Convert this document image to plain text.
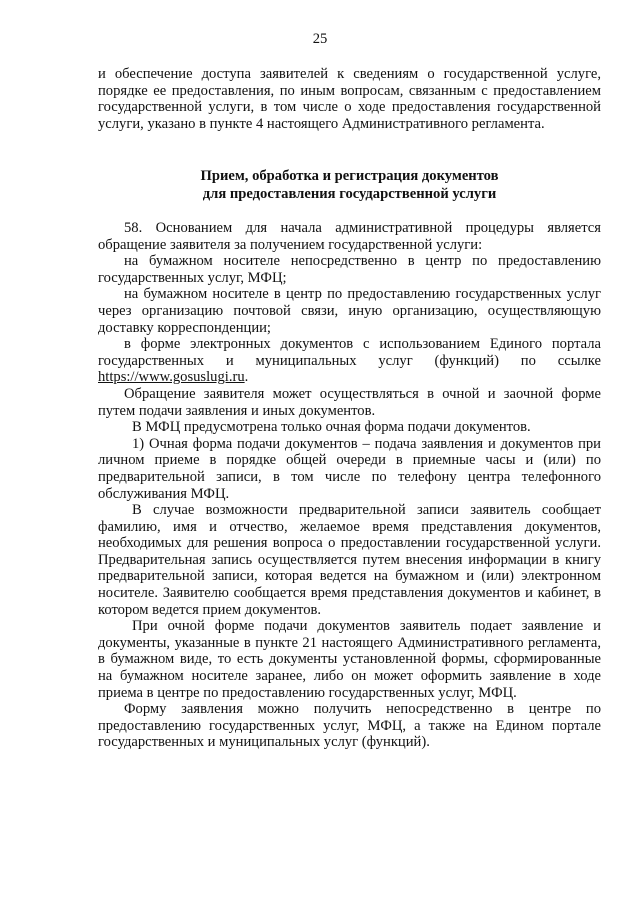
25

и обеспечение доступа заявителей к сведениям о государственной услуге, порядке ее предоставления, по иным вопросам, связанным с предоставлением государственной услуги, в том числе о ходе предоставления государственной услуги, указано в пункте 4 настоящего Административного регламента.

Прием, обработка и регистрация документов
для предоставления государственной услуги

58. Основанием для начала административной процедуры является обращение заявителя за получением государственной услуги:

на бумажном носителе непосредственно в центр по предоставлению государственных услуг, МФЦ;

на бумажном носителе в центр по предоставлению государственных услуг через организацию почтовой связи, иную организацию, осуществляющую доставку корреспонденции;

в форме электронных документов с использованием Единого портала государственных и муниципальных услуг (функций) по ссылке https://www.gosuslugi.ru.

Обращение заявителя может осуществляться в очной и заочной форме путем подачи заявления и иных документов.

В МФЦ предусмотрена только очная форма подачи документов.

1) Очная форма подачи документов – подача заявления и документов при личном приеме в порядке общей очереди в приемные часы и (или) по предварительной записи, в том числе по телефону центра телефонного обслуживания МФЦ.

В случае возможности предварительной записи заявитель сообщает фамилию, имя и отчество, желаемое время представления документов, необходимых для решения вопроса о предоставлении государственной услуги. Предварительная запись осуществляется путем внесения информации в книгу предварительной записи, которая ведется на бумажном и (или) электронном носителе. Заявителю сообщается время представления документов и кабинет, в котором ведется прием документов.

При очной форме подачи документов заявитель подает заявление и документы, указанные в пункте 21 настоящего Административного регламента, в бумажном виде, то есть документы установленной формы, сформированные на бумажном носителе заранее, либо он может оформить заявление в ходе приема в центре по предоставлению государственных услуг, МФЦ.

Форму заявления можно получить непосредственно в центре по предоставлению государственных услуг, МФЦ, а также на Едином портале государственных и муниципальных услуг (функций).
